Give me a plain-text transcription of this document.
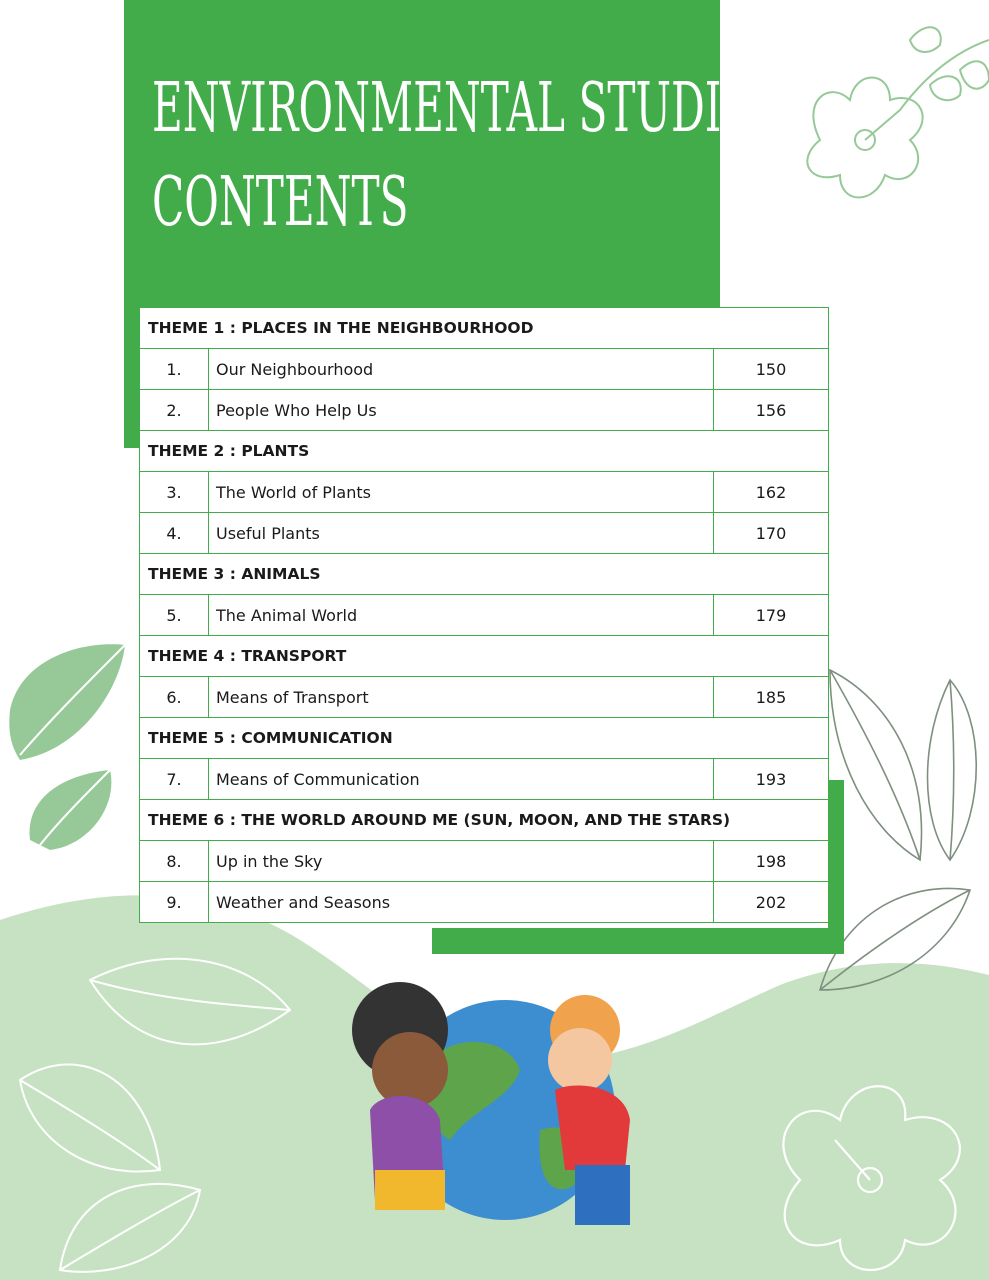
ENVIRONMENTAL STUDIES
CONTENTS
THEME 1 : PLACES IN THE NEIGHBOURHOOD		
1.	Our Neighbourhood	150
2.	People Who Help Us	156
THEME 2 : PLANTS		
3.	The World of Plants	162
4.	Useful Plants	170
THEME 3 : ANIMALS		
5.	The Animal World	179
THEME 4 : TRANSPORT		
6.	Means of Transport	185
THEME 5 : COMMUNICATION		
7.	Means of Communication	193
THEME 6 : THE WORLD AROUND ME (SUN, MOON, AND THE STARS)		
8.	Up in the Sky	198
9.	Weather and Seasons	202
